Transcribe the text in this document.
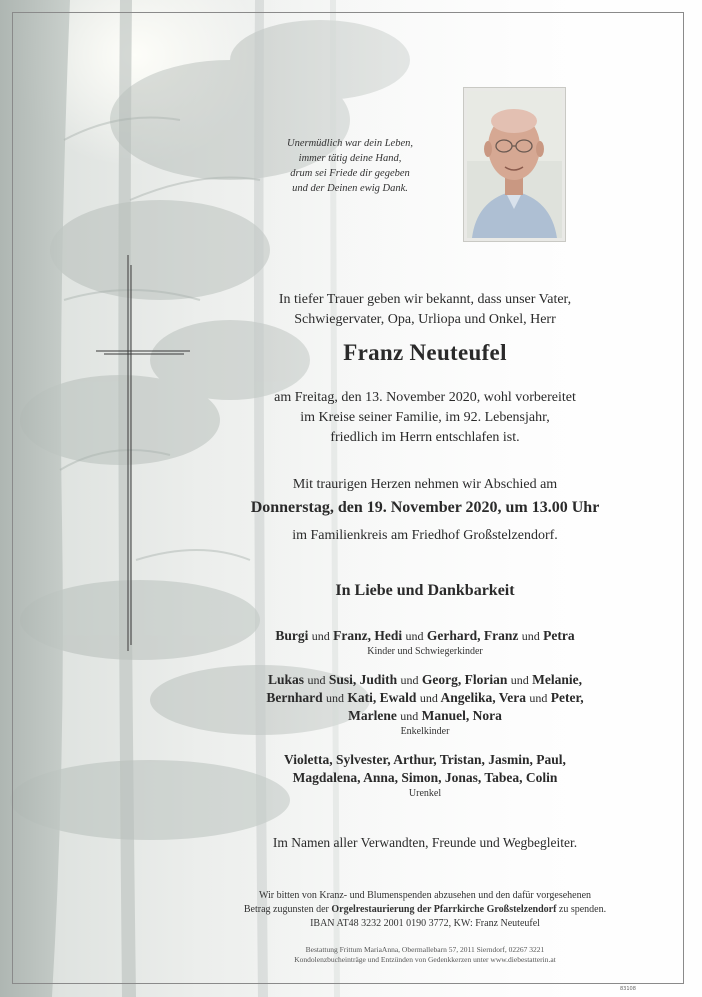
Unermüdlich war dein Leben,
immer tätig deine Hand,
drum sei Friede dir gegeben
und der Deinen ewig Dank.
In tiefer Trauer geben wir bekannt, dass unser Vater,
Schwiegervater, Opa, Urliopa und Onkel, Herr
Franz Neuteufel
am Freitag, den 13. November 2020, wohl vorbereitet
im Kreise seiner Familie, im 92. Lebensjahr,
friedlich im Herrn entschlafen ist.
Mit traurigen Herzen nehmen wir Abschied am
Donnerstag, den 19. November 2020, um 13.00 Uhr
im Familienkreis am Friedhof Großstelzendorf.
In Liebe und Dankbarkeit
Burgi und Franz, Hedi und Gerhard, Franz und Petra
Kinder und Schwiegerkinder
Lukas und Susi, Judith und Georg, Florian und Melanie,
Bernhard und Kati, Ewald und Angelika, Vera und Peter,
Marlene und Manuel, Nora
Enkelkinder
Violetta, Sylvester, Arthur, Tristan, Jasmin, Paul,
Magdalena, Anna, Simon, Jonas, Tabea, Colin
Urenkel
Im Namen aller Verwandten, Freunde und Wegbegleiter.
Wir bitten von Kranz- und Blumenspenden abzusehen und den dafür vorgesehenen
Betrag zugunsten der Orgelrestaurierung der Pfarrkirche Großstelzendorf zu spenden.
IBAN AT48 3232 2001 0190 3772, KW: Franz Neuteufel
Bestattung Frittum MariaAnna, Obermallebarn 57, 2011 Sierndorf, 02267 3221
Kondolenzbucheinträge und Entzünden von Gedenkkerzen unter www.diebestatterin.at
83108
